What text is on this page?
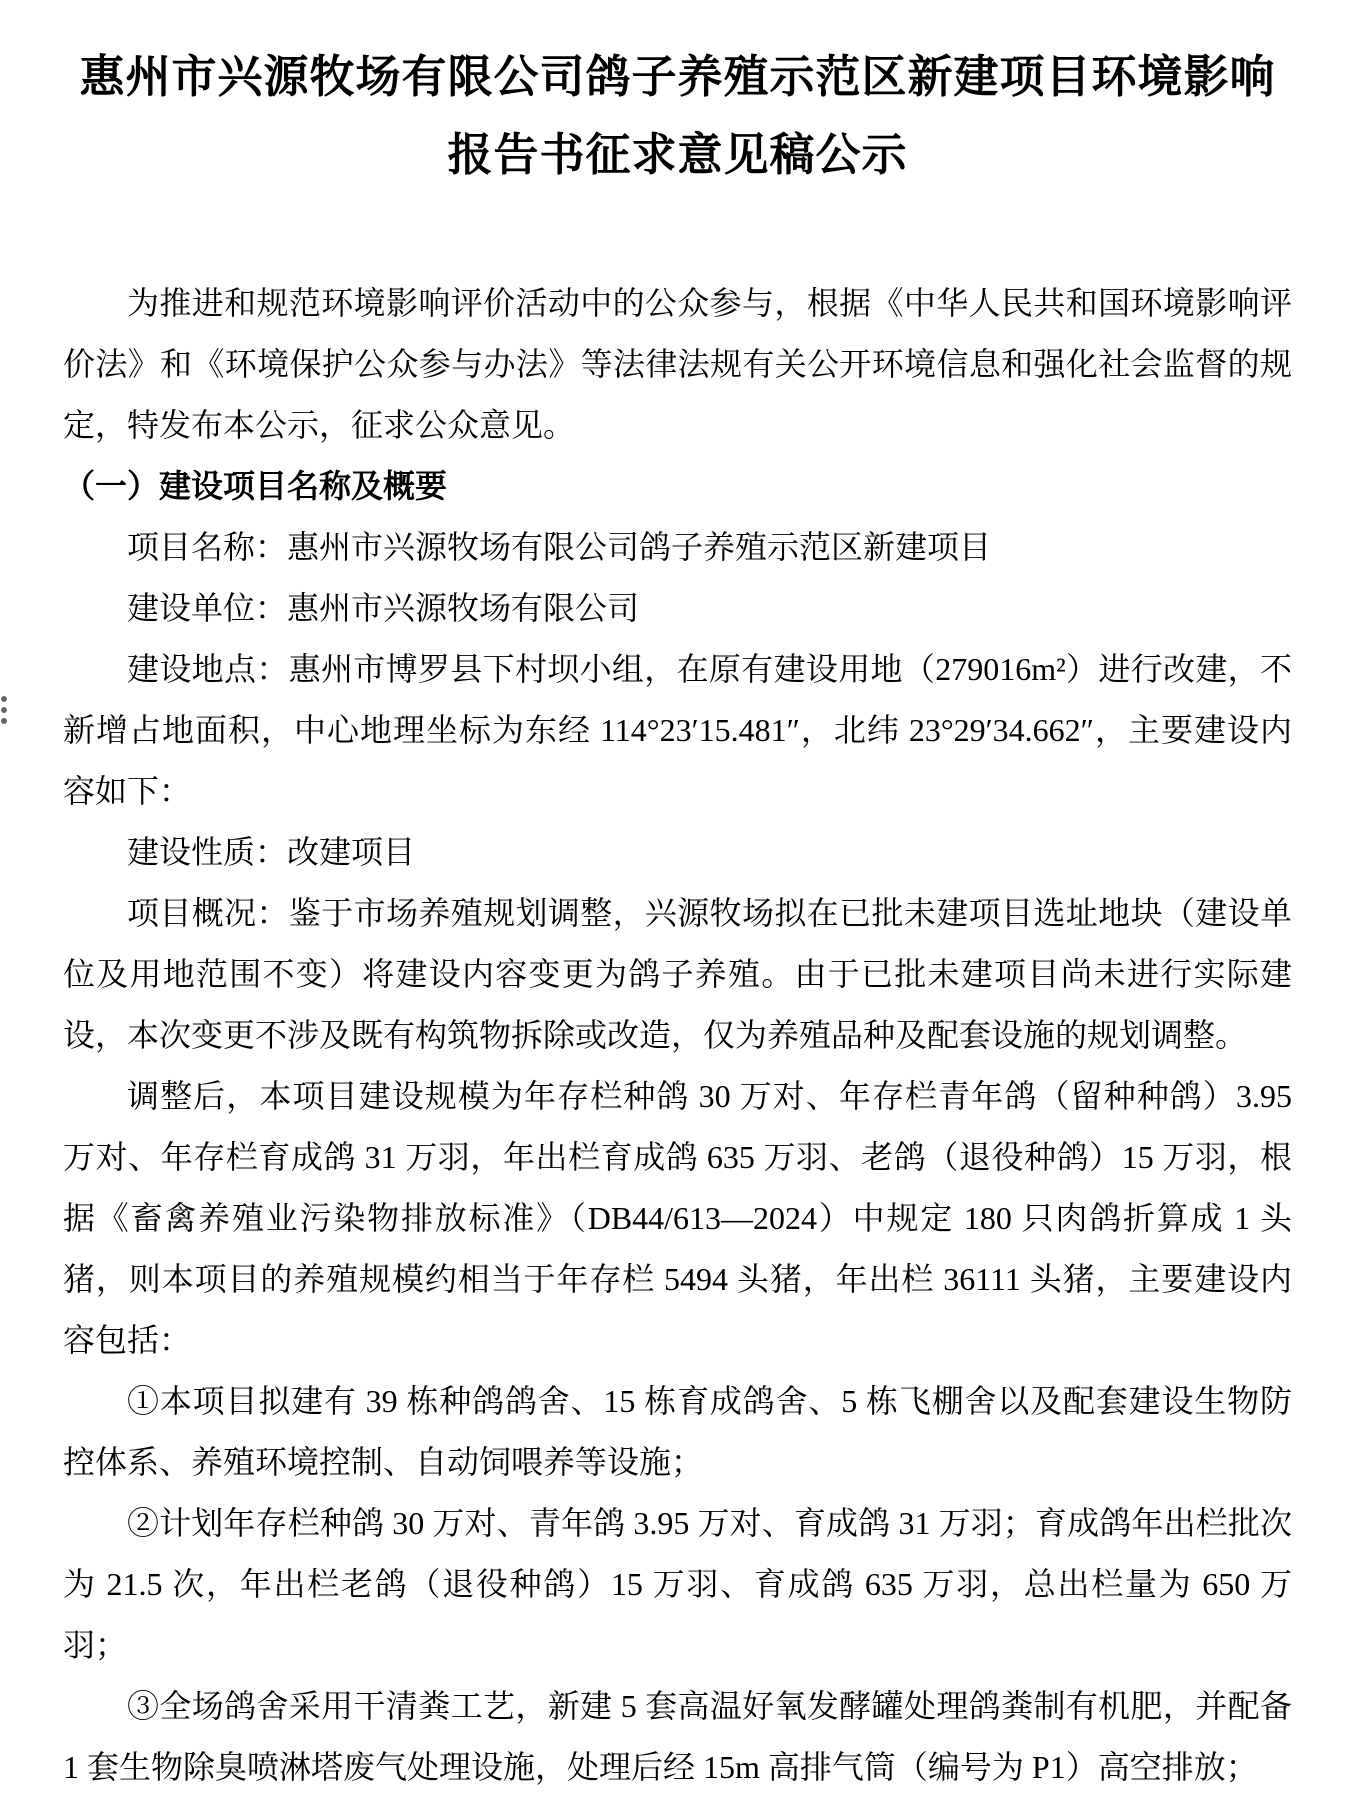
惠州市兴源牧场有限公司鸽子养殖示范区新建项目环境影响
报告书征求意见稿公示

为推进和规范环境影响评价活动中的公众参与，根据《中华人民共和国环境影响评价法》和《环境保护公众参与办法》等法律法规有关公开环境信息和强化社会监督的规定，特发布本公示，征求公众意见。

（一）建设项目名称及概要

项目名称：惠州市兴源牧场有限公司鸽子养殖示范区新建项目

建设单位：惠州市兴源牧场有限公司

建设地点：惠州市博罗县下村坝小组，在原有建设用地（279016m²）进行改建，不新增占地面积，中心地理坐标为东经 114°23′15.481″，北纬 23°29′34.662″，主要建设内容如下：

建设性质：改建项目

项目概况：鉴于市场养殖规划调整，兴源牧场拟在已批未建项目选址地块（建设单位及用地范围不变）将建设内容变更为鸽子养殖。由于已批未建项目尚未进行实际建设，本次变更不涉及既有构筑物拆除或改造，仅为养殖品种及配套设施的规划调整。

调整后，本项目建设规模为年存栏种鸽 30 万对、年存栏青年鸽（留种种鸽）3.95 万对、年存栏育成鸽 31 万羽，年出栏育成鸽 635 万羽、老鸽（退役种鸽）15 万羽，根据《畜禽养殖业污染物排放标准》（DB44/613—2024）中规定 180 只肉鸽折算成 1 头猪，则本项目的养殖规模约相当于年存栏 5494 头猪，年出栏 36111 头猪，主要建设内容包括：

①本项目拟建有 39 栋种鸽鸽舍、15 栋育成鸽舍、5 栋飞棚舍以及配套建设生物防控体系、养殖环境控制、自动饲喂养等设施；

②计划年存栏种鸽 30 万对、青年鸽 3.95 万对、育成鸽 31 万羽；育成鸽年出栏批次为 21.5 次，年出栏老鸽（退役种鸽）15 万羽、育成鸽 635 万羽，总出栏量为 650 万羽；

③全场鸽舍采用干清粪工艺，新建 5 套高温好氧发酵罐处理鸽粪制有机肥，并配备 1 套生物除臭喷淋塔废气处理设施，处理后经 15m 高排气筒（编号为 P1）高空排放；
